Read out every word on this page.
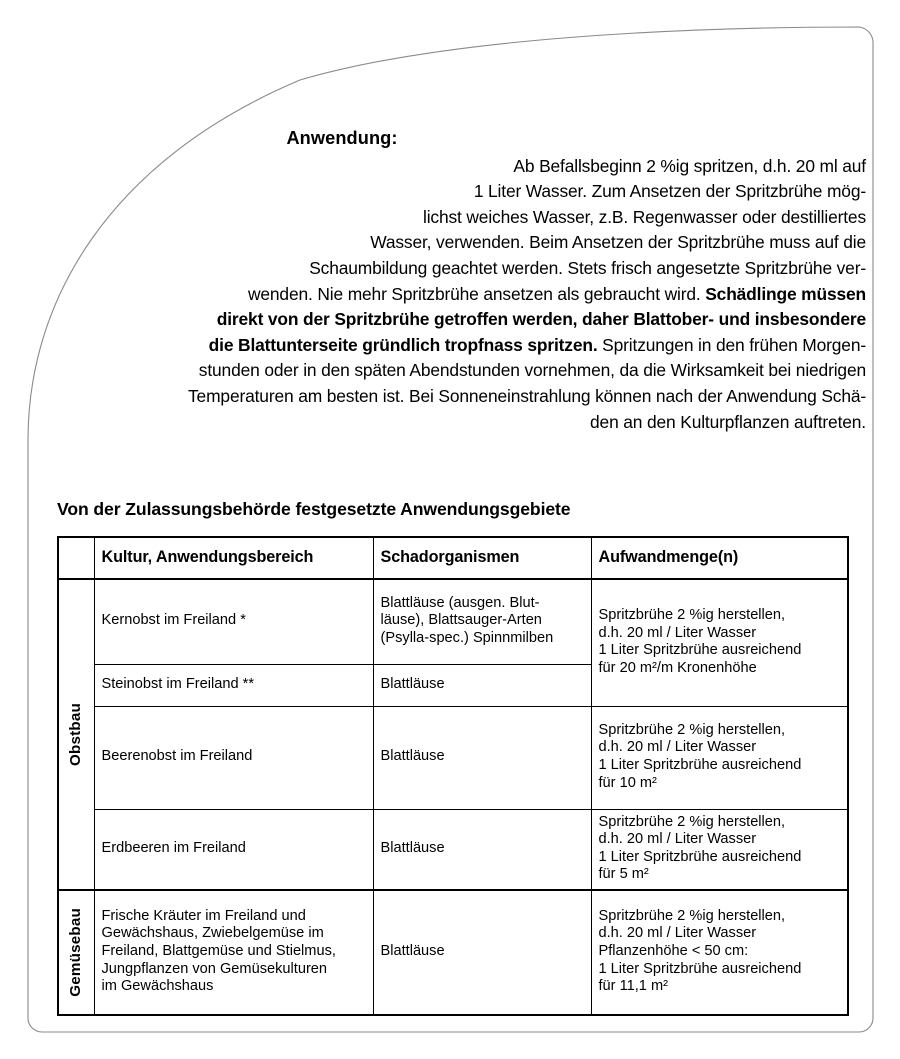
Anwendung:
Ab Befallsbeginn 2 %ig spritzen, d.h. 20 ml auf
1 Liter Wasser. Zum Ansetzen der Spritzbrühe mög-
lichst weiches Wasser, z.B. Regenwasser oder destilliertes
Wasser, verwenden. Beim Ansetzen der Spritzbrühe muss auf die
Schaumbildung geachtet werden. Stets frisch angesetzte Spritzbrühe ver-
wenden. Nie mehr Spritzbrühe ansetzen als gebraucht wird. Schädlinge müssen
direkt von der Spritzbrühe getroffen werden, daher Blattober- und insbesondere
die Blattunterseite gründlich tropfnass spritzen. Spritzungen in den frühen Morgen-
stunden oder in den späten Abendstunden vornehmen, da die Wirksamkeit bei niedrigen
Temperaturen am besten ist. Bei Sonneneinstrahlung können nach der Anwendung Schä-
den an den Kulturpflanzen auftreten.
Von der Zulassungsbehörde festgesetzte Anwendungsgebiete
	Kultur, Anwendungsbereich	Schadorganismen	Aufwandmenge(n)

Obstbau	Kernobst im Freiland *	Blattläuse (ausgen. Blut-
läuse), Blattsauger-Arten
(Psylla-spec.) Spinnmilben	Spritzbrühe 2 %ig herstellen,
d.h. 20 ml / Liter Wasser
1 Liter Spritzbrühe ausreichend
für 20 m²/m Kronenhöhe

	Steinobst im Freiland **	Blattläuse	
	Beerenobst im Freiland	Blattläuse	Spritzbrühe 2 %ig herstellen,
d.h. 20 ml / Liter Wasser
1 Liter Spritzbrühe ausreichend
für 10 m²

	Erdbeeren im Freiland	Blattläuse	Spritzbrühe 2 %ig herstellen,
d.h. 20 ml / Liter Wasser
1 Liter Spritzbrühe ausreichend
für 5 m²

Gemüsebau	Frische Kräuter im Freiland und
Gewächshaus, Zwiebelgemüse im
Freiland, Blattgemüse und Stielmus,
Jungpflanzen von Gemüsekulturen
im Gewächshaus	Blattläuse	Spritzbrühe 2 %ig herstellen,
d.h. 20 ml / Liter Wasser
Pflanzenhöhe < 50 cm:
1 Liter Spritzbrühe ausreichend
für 11,1 m²
